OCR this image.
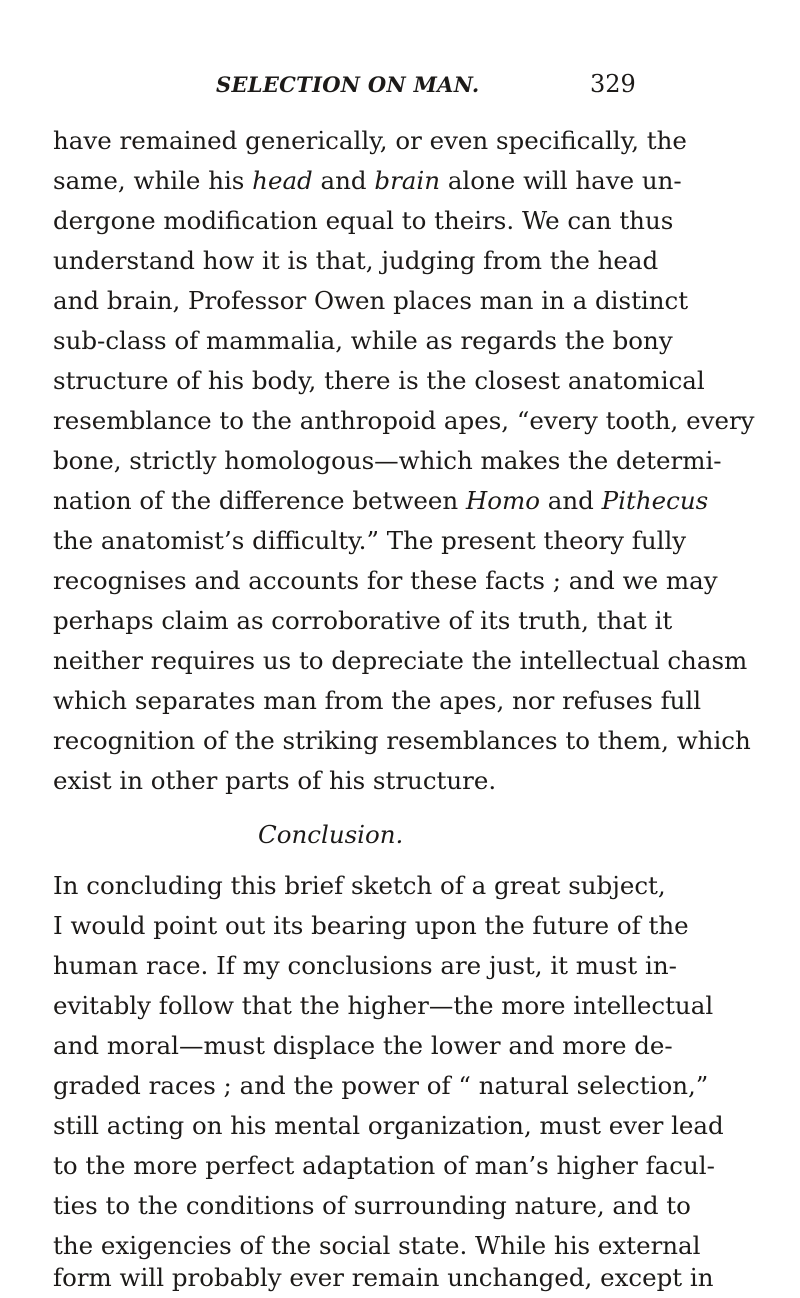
SELECTION ON MAN.	329
have remained generically, or even specifically, the
same, while his head and brain alone will have un-
dergone modification equal to theirs. We can thus
understand how it is that, judging from the head
and brain, Professor Owen places man in a distinct
sub-class of mammalia, while as regards the bony
structure of his body, there is the closest anatomical
resemblance to the anthropoid apes, “every tooth, every
bone, strictly homologous—which makes the determi-
nation of the difference between Homo and Pithecus
the anatomist’s difficulty.” The present theory fully
recognises and accounts for these facts ; and we may
perhaps claim as corroborative of its truth, that it
neither requires us to depreciate the intellectual chasm
which separates man from the apes, nor refuses full
recognition of the striking resemblances to them, which
exist in other parts of his structure.
Conclusion.
In concluding this brief sketch of a great subject,
I would point out its bearing upon the future of the
human race. If my conclusions are just, it must in-
evitably follow that the higher—the more intellectual
and moral—must displace the lower and more de-
graded races ; and the power of “ natural selection,”
still acting on his mental organization, must ever lead
to the more perfect adaptation of man’s higher facul-
ties to the conditions of surrounding nature, and to
the exigencies of the social state. While his external
form will probably ever remain unchanged, except in
